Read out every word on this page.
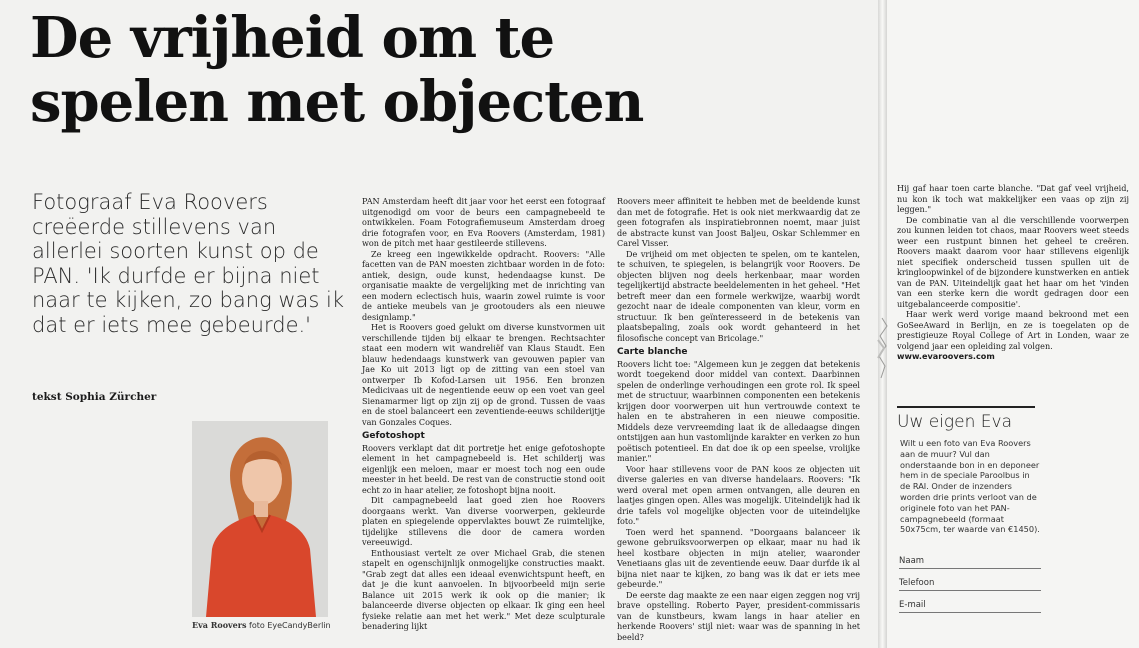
De vrijheid om te
spelen met objecten

Fotograaf Eva Roovers creëerde stillevens van allerlei soorten kunst op de PAN. 'Ik durfde er bijna niet naar te kijken, zo bang was ik dat er iets mee gebeurde.'

tekst Sophia Zürcher

Eva Roovers foto EyeCandyBerlin

PAN Amsterdam heeft dit jaar voor het eerst een fotograaf uitgenodigd om voor de beurs een campagnebeeld te ontwikkelen. Foam Fotografiemuseum Amsterdam droeg drie fotografen voor, en Eva Roovers (Amsterdam, 1981) won de pitch met haar gestileerde stillevens.

Ze kreeg een ingewikkelde opdracht. Roovers: "Alle facetten van de PAN moesten zichtbaar worden in de foto: antiek, design, oude kunst, hedendaagse kunst. De organisatie maakte de vergelijking met de inrichting van een modern eclectisch huis, waarin zowel ruimte is voor de antieke meubels van je grootouders als een nieuwe designlamp."

Het is Roovers goed gelukt om diverse kunstvormen uit verschillende tijden bij elkaar te brengen. Rechtsachter staat een modern wit wandreliëf van Klaus Staudt. Een blauw hedendaags kunstwerk van gevouwen papier van Jae Ko uit 2013 ligt op de zitting van een stoel van ontwerper Ib Kofod-Larsen uit 1956. Een bronzen Medicivaas uit de negentiende eeuw op een voet van geel Sienamarmer ligt op zijn zij op de grond. Tussen de vaas en de stoel balanceert een zeventiende-eeuws schilderijtje van Gonzales Coques.

Gefotoshopt

Roovers verklapt dat dit portretje het enige gefotoshopte element in het campagnebeeld is. Het schilderij was eigenlijk een meloen, maar er moest toch nog een oude meester in het beeld. De rest van de constructie stond ooit echt zo in haar atelier, ze fotoshopt bijna nooit.

Dit campagnebeeld laat goed zien hoe Roovers doorgaans werkt. Van diverse voorwerpen, gekleurde platen en spiegelende oppervlaktes bouwt Ze ruimtelijke, tijdelijke stillevens die door de camera worden vereeuwigd.

Enthousiast vertelt ze over Michael Grab, die stenen stapelt en ogenschijnlijk onmogelijke constructies maakt. "Grab zegt dat alles een ideaal evenwichtspunt heeft, en dat je die kunt aanvoelen. In bijvoorbeeld mijn serie Balance uit 2015 werk ik ook op die manier; ik balanceerde diverse objecten op elkaar. Ik ging een heel fysieke relatie aan met het werk." Met deze sculpturale benadering lijkt

Roovers meer affiniteit te hebben met de beeldende kunst dan met de fotografie. Het is ook niet merkwaardig dat ze geen fotografen als inspiratiebronnen noemt, maar juist de abstracte kunst van Joost Baljeu, Oskar Schlemmer en Carel Visser.

De vrijheid om met objecten te spelen, om te kantelen, te schuiven, te spiegelen, is belangrijk voor Roovers. De objecten blijven nog deels herkenbaar, maar worden tegelijkertijd abstracte beeldelementen in het geheel. "Het betreft meer dan een formele werkwijze, waarbij wordt gezocht naar de ideale componenten van kleur, vorm en structuur. Ik ben geïnteresseerd in de betekenis van plaatsbepaling, zoals ook wordt gehanteerd in het filosofische concept van Bricolage."

Carte blanche

Roovers licht toe: "Algemeen kun je zeggen dat betekenis wordt toegekend door middel van context. Daarbinnen spelen de onderlinge verhoudingen een grote rol. Ik speel met de structuur, waarbinnen componenten een betekenis krijgen door voorwerpen uit hun vertrouwde context te halen en te abstraheren in een nieuwe compositie. Middels deze vervreemding laat ik de alledaagse dingen ontstijgen aan hun vastomlijnde karakter en verken zo hun poëtisch potentieel. En dat doe ik op een speelse, vrolijke manier."

Voor haar stillevens voor de PAN koos ze objecten uit diverse galeries en van diverse handelaars. Roovers: "Ik werd overal met open armen ontvangen, alle deuren en laatjes gingen open. Alles was mogelijk. Uiteindelijk had ik drie tafels vol mogelijke objecten voor de uiteindelijke foto."

Toen werd het spannend. "Doorgaans balanceer ik gewone gebruiksvoorwerpen op elkaar, maar nu had ik heel kostbare objecten in mijn atelier, waaronder Venetiaans glas uit de zeventiende eeuw. Daar durfde ik al bijna niet naar te kijken, zo bang was ik dat er iets mee gebeurde."

De eerste dag maakte ze een naar eigen zeggen nog vrij brave opstelling. Roberto Payer, president-commissaris van de kunstbeurs, kwam langs in haar atelier en herkende Roovers' stijl niet: waar was de spanning in het beeld?

Hij gaf haar toen carte blanche. "Dat gaf veel vrijheid, nu kon ik toch wat makkelijker een vaas op zijn zij leggen."

De combinatie van al die verschillende voorwerpen zou kunnen leiden tot chaos, maar Roovers weet steeds weer een rustpunt binnen het geheel te creëren. Roovers maakt daarom voor haar stillevens eigenlijk niet specifiek onderscheid tussen spullen uit de kringloopwinkel of de bijzondere kunstwerken en antiek van de PAN. Uiteindelijk gaat het haar om het 'vinden van een sterke kern die wordt gedragen door een uitgebalanceerde compositie'.

Haar werk werd vorige maand bekroond met een GoSeeAward in Berlijn, en ze is toegelaten op de prestigieuze Royal College of Art in Londen, waar ze volgend jaar een opleiding zal volgen.

www.evaroovers.com

Uw eigen Eva

Wilt u een foto van Eva Roovers aan de muur? Vul dan onderstaande bon in en deponeer hem in de speciale Paroolbus in de RAI. Onder de inzenders worden drie prints verloot van de originele foto van het PAN-campagnebeeld (formaat 50x75cm, ter waarde van €1450).

Naam
Telefoon
E-mail
